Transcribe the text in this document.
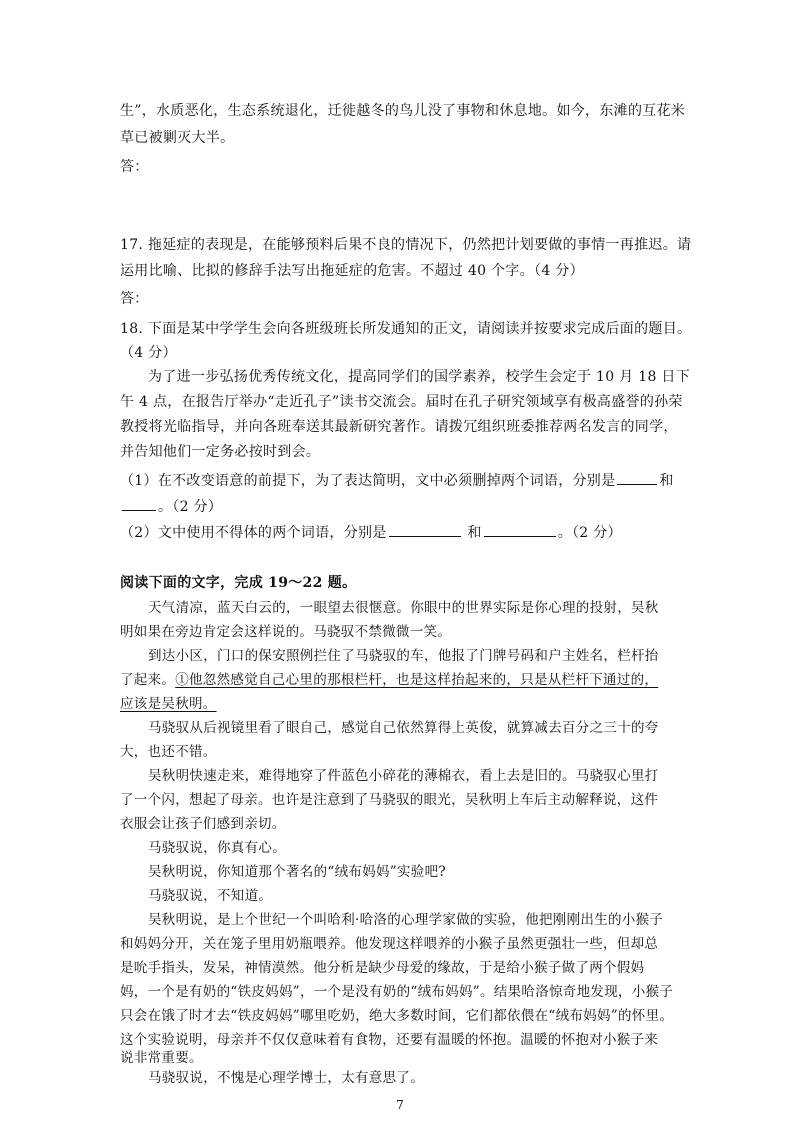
生”，水质恶化，生态系统退化，迁徙越冬的鸟儿没了事物和休息地。如今，东滩的互花米
草已被剿灭大半。
答：
17. 拖延症的表现是，在能够预料后果不良的情况下，仍然把计划要做的事情一再推迟。请
运用比喻、比拟的修辞手法写出拖延症的危害。不超过 40 个字。（4 分）
答：
18. 下面是某中学学生会向各班级班长所发通知的正文，请阅读并按要求完成后面的题目。
（4 分）
为了进一步弘扬优秀传统文化，提高同学们的国学素养，校学生会定于 10 月 18 日下
午 4 点，在报告厅举办“走近孔子”读书交流会。届时在孔子研究领域享有极高盛誉的孙荣
教授将光临指导，并向各班奉送其最新研究著作。请拨冗组织班委推荐两名发言的同学，
并告知他们一定务必按时到会。
（1）在不改变语意的前提下，为了表达简明，文中必须删掉两个词语，分别是	和
。（2 分）
（2）文中使用不得体的两个词语，分别是	和	。（2 分）
阅读下面的文字，完成 19～22 题。
天气清凉，蓝天白云的，一眼望去很惬意。你眼中的世界实际是你心理的投射，吴秋
明如果在旁边肯定会这样说的。马骁驭不禁微微一笑。
到达小区，门口的保安照例拦住了马骁驭的车，他报了门牌号码和户主姓名，栏杆抬
了起来。①他忽然感觉自己心里的那根栏杆，也是这样抬起来的，只是从栏杆下通过的，
应该是吴秋明。
马骁驭从后视镜里看了眼自己，感觉自己依然算得上英俊，就算减去百分之三十的夸
大，也还不错。
吴秋明快速走来，难得地穿了件蓝色小碎花的薄棉衣，看上去是旧的。马骁驭心里打
了一个闪，想起了母亲。也许是注意到了马骁驭的眼光，吴秋明上车后主动解释说，这件
衣服会让孩子们感到亲切。
马骁驭说，你真有心。
吴秋明说，你知道那个著名的“绒布妈妈”实验吧?
马骁驭说，不知道。
吴秋明说，是上个世纪一个叫哈利·哈洛的心理学家做的实验，他把刚刚出生的小猴子
和妈妈分开，关在笼子里用奶瓶喂养。他发现这样喂养的小猴子虽然更强壮一些，但却总
是吮手指头，发呆，神情漠然。他分析是缺少母爱的缘故，于是给小猴子做了两个假妈
妈，一个是有奶的“铁皮妈妈”，一个是没有奶的“绒布妈妈”。结果哈洛惊奇地发现，小猴子
只会在饿了时才去“铁皮妈妈”哪里吃奶，绝大多数时间，它们都依偎在“绒布妈妈”的怀里。
这个实验说明，母亲并不仅仅意味着有食物，还要有温暖的怀抱。温暖的怀抱对小猴子来
说非常重要。
马骁驭说，不愧是心理学博士，太有意思了。
7
